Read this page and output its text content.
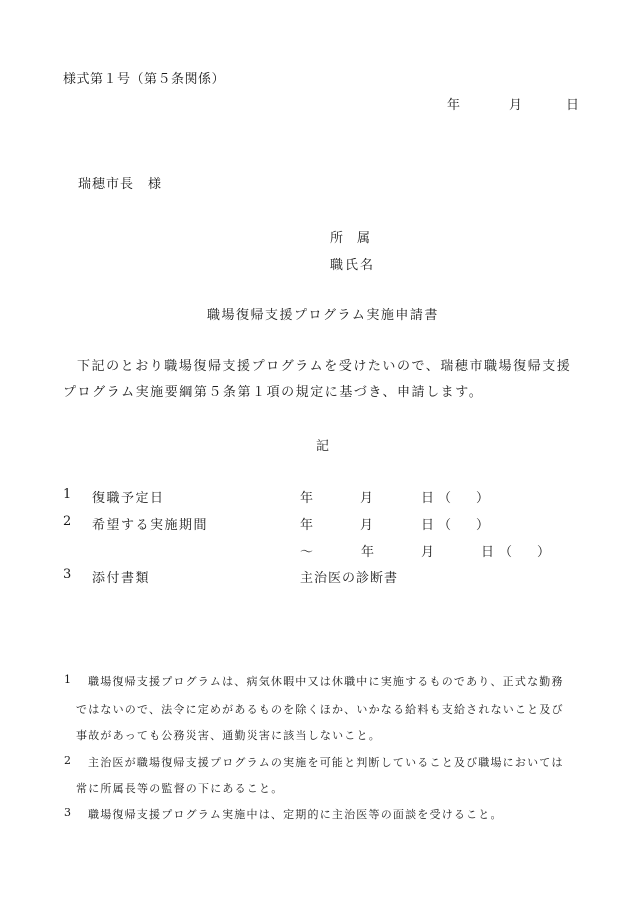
様式第１号（第５条関係）
年	月	日
瑞穂市長　様
所属
職氏名
職場復帰支援プログラム実施申請書
下記のとおり職場復帰支援プログラムを受けたいので、瑞穂市職場復帰支援プログラム実施要綱第５条第１項の規定に基づき、申請します。
記
1 復職予定日	年	月	日 （　）
2 希望する実施期間	年	月	日 （　）
～	年	月	日 （　）
3 添付書類	主治医の診断書
1 職場復帰支援プログラムは、病気休暇中又は休職中に実施するものであり、正式な勤務
ではないので、法令に定めがあるものを除くほか、いかなる給料も支給されないこと及び
事故があっても公務災害、通勤災害に該当しないこと。
2 主治医が職場復帰支援プログラムの実施を可能と判断していること及び職場においては
常に所属長等の監督の下にあること。
3 職場復帰支援プログラム実施中は、定期的に主治医等の面談を受けること。
